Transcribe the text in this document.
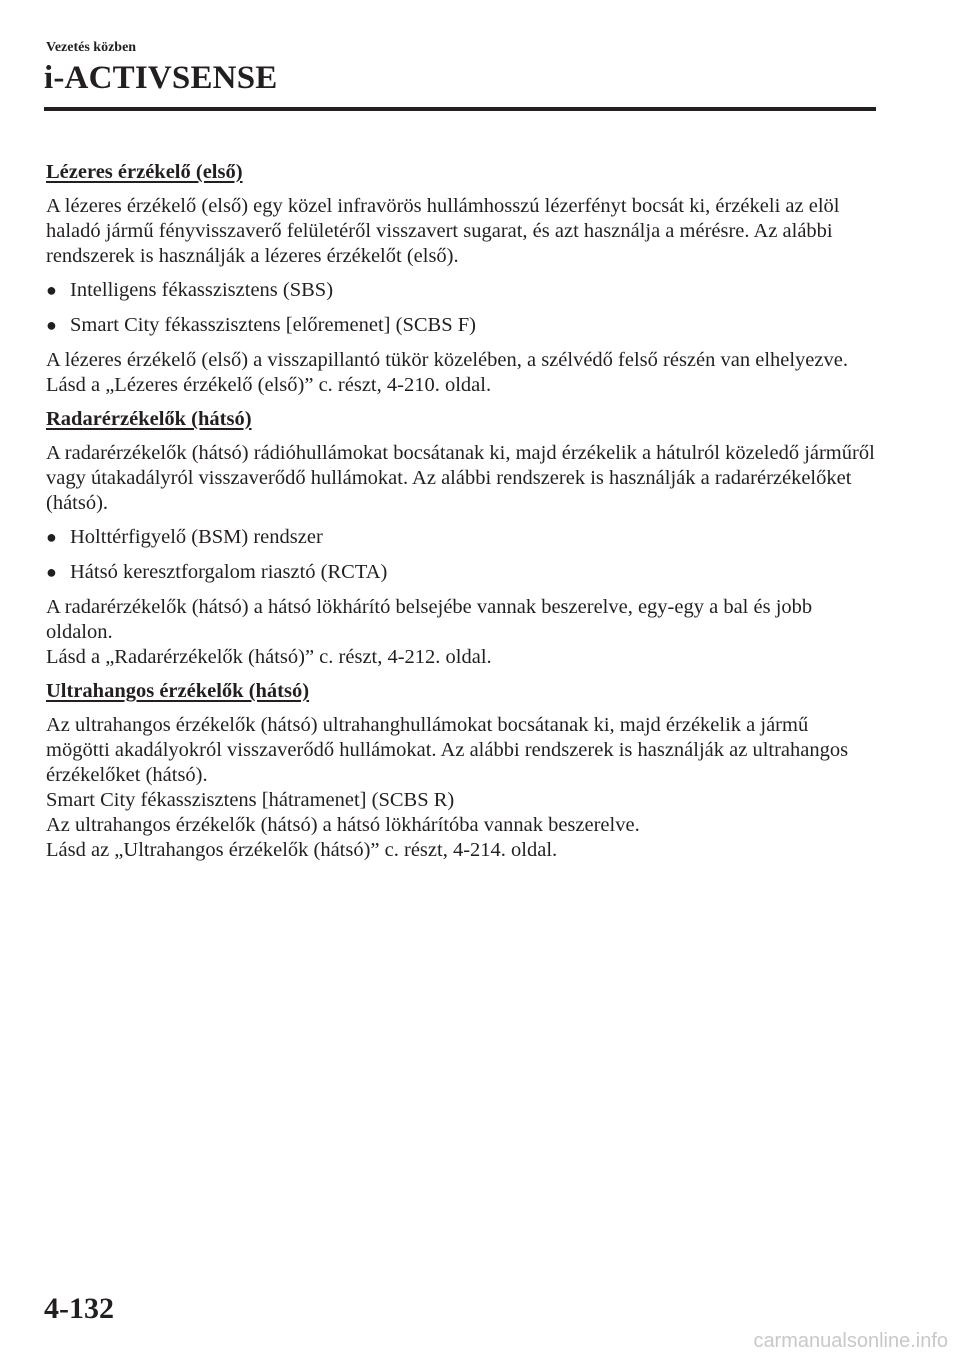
Vezetés közben
i-ACTIVSENSE
Lézeres érzékelő (első)

A lézeres érzékelő (első) egy közel infravörös hullámhosszú lézerfényt bocsát ki, érzékeli az elöl haladó jármű fényvisszaverő felületéről visszavert sugarat, és azt használja a mérésre. Az alábbi rendszerek is használják a lézeres érzékelőt (első).

● Intelligens fékasszisztens (SBS)
● Smart City fékasszisztens [előremenet] (SCBS F)

A lézeres érzékelő (első) a visszapillantó tükör közelében, a szélvédő felső részén van elhelyezve.
Lásd a „Lézeres érzékelő (első)” c. részt, 4-210. oldal.

Radarérzékelők (hátsó)

A radarérzékelők (hátsó) rádióhullámokat bocsátanak ki, majd érzékelik a hátulról közeledő járműről vagy útakadályról visszaverődő hullámokat. Az alábbi rendszerek is használják a radarérzékelőket (hátsó).

● Holttérfigyelő (BSM) rendszer
● Hátsó keresztforgalom riasztó (RCTA)

A radarérzékelők (hátsó) a hátsó lökhárító belsejébe vannak beszerelve, egy-egy a bal és jobb oldalon.
Lásd a „Radarérzékelők (hátsó)” c. részt, 4-212. oldal.

Ultrahangos érzékelők (hátsó)

Az ultrahangos érzékelők (hátsó) ultrahanghullámokat bocsátanak ki, majd érzékelik a jármű mögötti akadályokról visszaverődő hullámokat. Az alábbi rendszerek is használják az ultrahangos érzékelőket (hátsó).
Smart City fékasszisztens [hátramenet] (SCBS R)
Az ultrahangos érzékelők (hátsó) a hátsó lökhárítóba vannak beszerelve.
Lásd az „Ultrahangos érzékelők (hátsó)” c. részt, 4-214. oldal.

4-132
carmanualsonline.info
